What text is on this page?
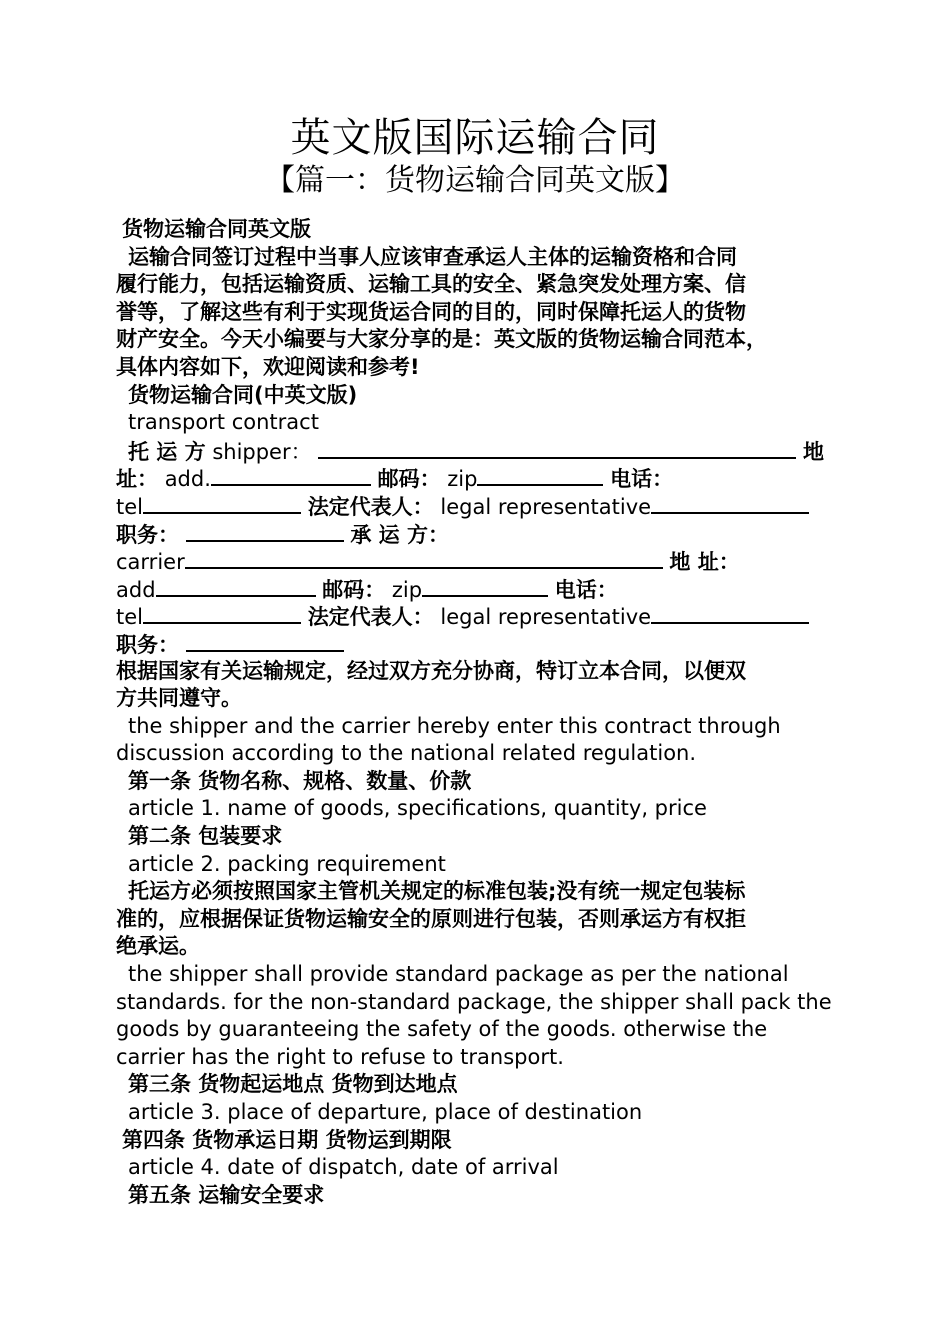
英文版国际运输合同
【篇一：货物运输合同英文版】
货物运输合同英文版
运输合同签订过程中当事人应该审查承运人主体的运输资格和合同
履行能力，包括运输资质、运输工具的安全、紧急突发处理方案、信
誉等，了解这些有利于实现货运合同的目的，同时保障托运人的货物
财产安全。今天小编要与大家分享的是：英文版的货物运输合同范本，
具体内容如下，欢迎阅读和参考!
货物运输合同(中英文版)
transport contract
托 运 方 shipper：	地
址： add.	邮码： zip	电话：
tel	法定代表人： legal representative
职务：	承 运 方：
carrier	地 址：
add	邮码： zip	电话：
tel	法定代表人： legal representative
职务：
根据国家有关运输规定，经过双方充分协商，特订立本合同，以便双
方共同遵守。
the shipper and the carrier hereby enter this contract through
discussion according to the national related regulation.
第一条 货物名称、规格、数量、价款
article 1. name of goods, specifications, quantity, price
第二条 包装要求
article 2. packing requirement
托运方必须按照国家主管机关规定的标准包装;没有统一规定包装标
准的，应根据保证货物运输安全的原则进行包装，否则承运方有权拒
绝承运。
the shipper shall provide standard package as per the national
standards. for the non-standard package, the shipper shall pack the
goods by guaranteeing the safety of the goods. otherwise the
carrier has the right to refuse to transport.
第三条 货物起运地点 货物到达地点
article 3. place of departure, place of destination
第四条 货物承运日期 货物运到期限
article 4. date of dispatch, date of arrival
第五条 运输安全要求
